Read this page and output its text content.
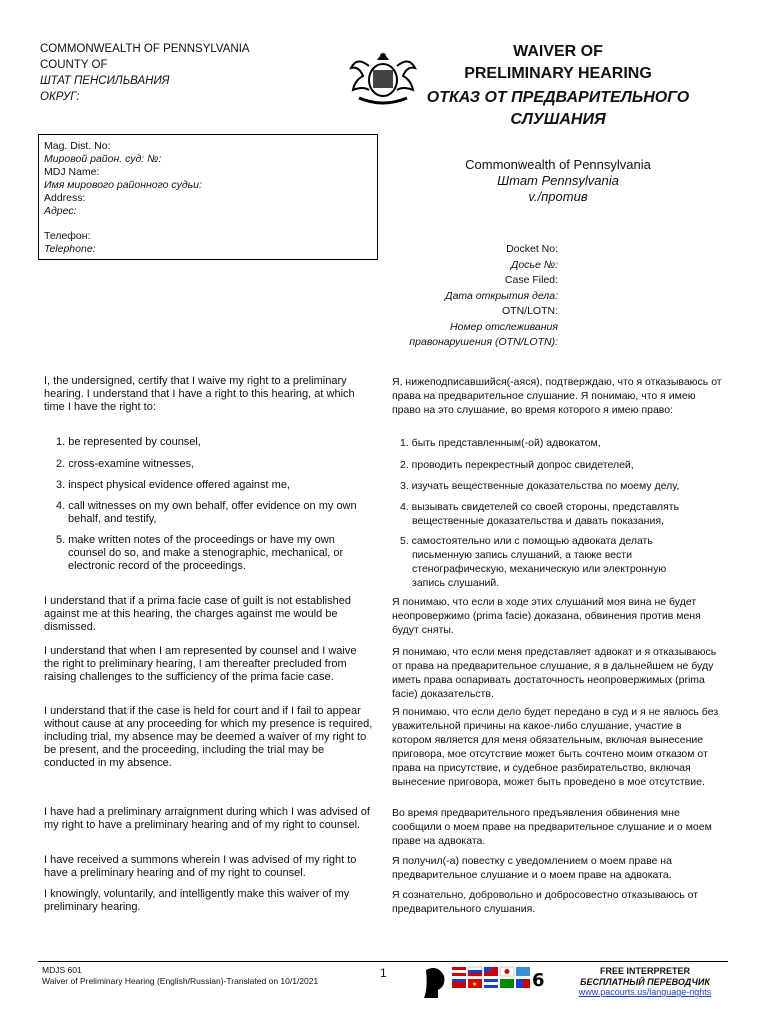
COMMONWEALTH OF PENNSYLVANIA
COUNTY OF
ШТАТ ПЕНСИЛЬВАНИЯ
ОКРУГ:
WAIVER OF
PRELIMINARY HEARING
ОТКАЗ ОТ ПРЕДВАРИТЕЛЬНОГО
СЛУШАНИЯ
Mag. Dist. No:
Мировой район. суд: №:
MDJ Name:
Имя мирового районного судьи:
Address:
Адрес:
Телефон:
Telephone:
Commonwealth of Pennsylvania
Штат Pennsylvania
v./против
Docket No:
Досье №:
Case Filed:
Дата открытия дела:
OTN/LOTN:
Номер отслеживания
правонарушения (OTN/LOTN):
I, the undersigned, certify that I waive my right to a preliminary hearing. I understand that I have a right to this hearing, at which time I have the right to:
1. be represented by counsel,
2. cross-examine witnesses,
3. inspect physical evidence offered against me,
4. call witnesses on my own behalf, offer evidence on my own behalf, and testify,
5. make written notes of the proceedings or have my own counsel do so, and make a stenographic, mechanical, or electronic record of the proceedings.
I understand that if a prima facie case of guilt is not established against me at this hearing, the charges against me would be dismissed.
I understand that when I am represented by counsel and I waive the right to preliminary hearing, I am thereafter precluded from raising challenges to the sufficiency of the prima facie case.
I understand that if the case is held for court and if I fail to appear without cause at any proceeding for which my presence is required, including trial, my absence may be deemed a waiver of my right to be present, and the proceeding, including the trial may be conducted in my absence.
I have had a preliminary arraignment during which I was advised of my right to have a preliminary hearing and of my right to counsel.
I have received a summons wherein I was advised of my right to have a preliminary hearing and of my right to counsel.
I knowingly, voluntarily, and intelligently make this waiver of my preliminary hearing.
Я, нижеподписавшийся(-аяся), подтверждаю, что я отказываюсь от права на предварительное слушание. Я понимаю, что я имею право на это слушание, во время которого я имею право:
1. быть представленным(-ой) адвокатом,
2. проводить перекрестный допрос свидетелей,
3. изучать вещественные доказательства по моему делу,
4. вызывать свидетелей со своей стороны, представлять вещественные доказательства и давать показания,
5. самостоятельно или с помощью адвоката делать письменную запись слушаний, а также вести стенографическую, механическую или электронную запись слушаний.
Я понимаю, что если в ходе этих слушаний моя вина не будет неопровержимо (prima facie) доказана, обвинения против меня будут сняты.
Я понимаю, что если меня представляет адвокат и я отказываюсь от права на предварительное слушание, я в дальнейшем не буду иметь права оспаривать достаточность неопровержимых (prima facie) доказательств.
Я понимаю, что если дело будет передано в суд и я не явлюсь без уважительной причины на какое-либо слушание, участие в котором является для меня обязательным, включая вынесение приговора, мое отсутствие может быть сочтено моим отказом от права на присутствие, и судебное разбирательство, включая вынесение приговора, может быть проведено в мое отсутствие.
Во время предварительного предъявления обвинения мне сообщили о моем праве на предварительное слушание и о моем праве на адвоката.
Я получил(-а) повестку с уведомлением о моем праве на предварительное слушание и о моем праве на адвоката.
Я сознательно, добровольно и добросовестно отказываюсь от предварительного слушания.
MDJS 601
Waiver of Preliminary Hearing (English/Russian)-Translated on 10/1/2021
1
★	6	FREE INTERPRETER
БЕСПЛАТНЫЙ ПЕРЕВОДЧИК
www.pacourts.us/language-rights
